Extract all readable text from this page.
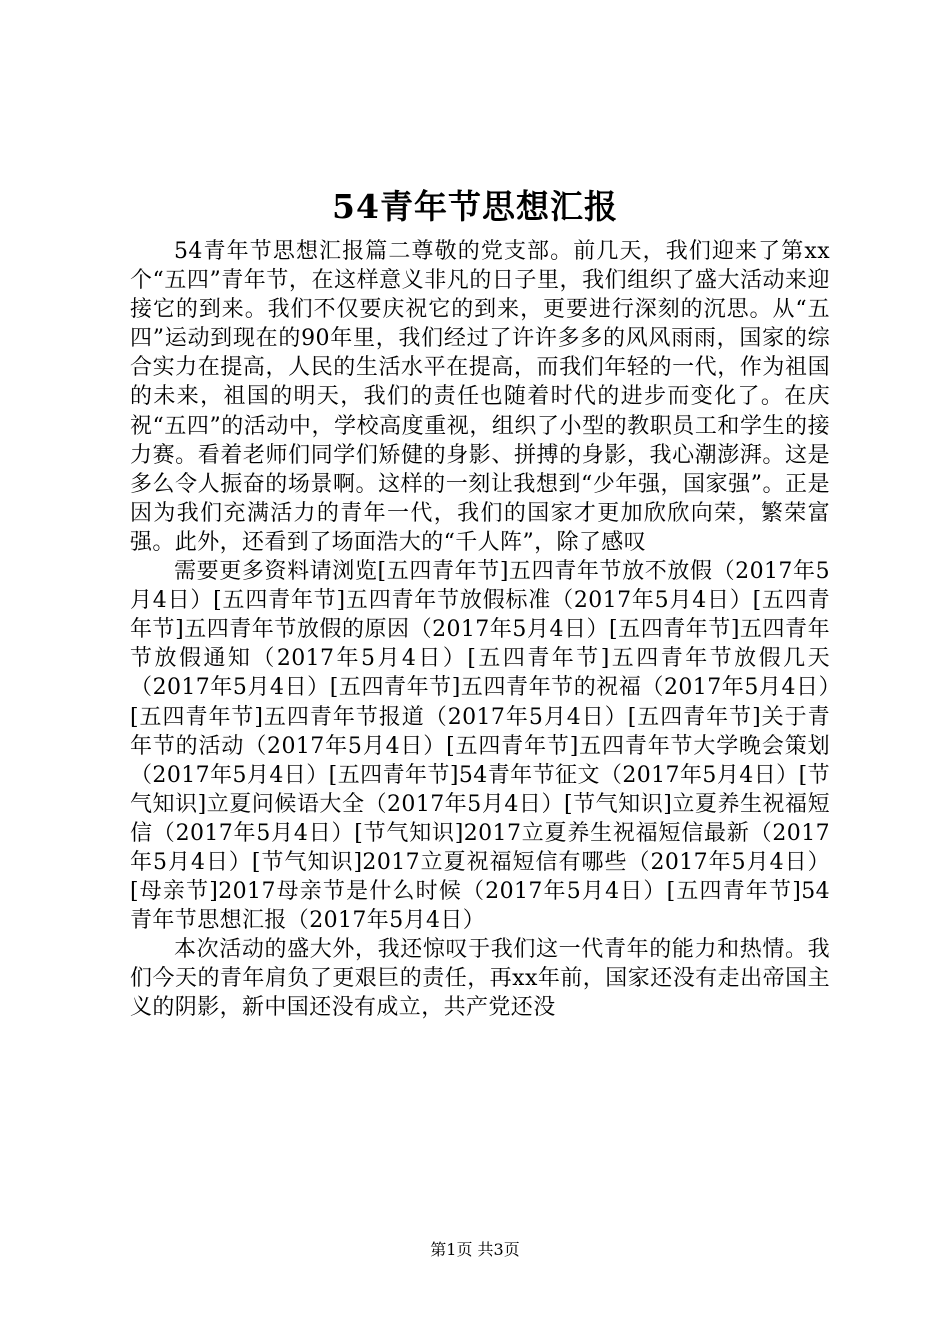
54青年节思想汇报

54青年节思想汇报篇二尊敬的党支部。前几天，我们迎来了第xx个“五四”青年节，在这样意义非凡的日子里，我们组织了盛大活动来迎接它的到来。我们不仅要庆祝它的到来，更要进行深刻的沉思。从“五四”运动到现在的90年里，我们经过了许许多多的风风雨雨，国家的综合实力在提高，人民的生活水平在提高，而我们年轻的一代，作为祖国的未来，祖国的明天，我们的责任也随着时代的进步而变化了。在庆祝“五四”的活动中，学校高度重视，组织了小型的教职员工和学生的接力赛。看着老师们同学们矫健的身影、拼搏的身影，我心潮澎湃。这是多么令人振奋的场景啊。这样的一刻让我想到“少年强，国家强”。正是因为我们充满活力的青年一代，我们的国家才更加欣欣向荣，繁荣富强。此外，还看到了场面浩大的“千人阵”，除了感叹

需要更多资料请浏览[五四青年节]五四青年节放不放假（2017年5月4日）[五四青年节]五四青年节放假标准（2017年5月4日）[五四青年节]五四青年节放假的原因（2017年5月4日）[五四青年节]五四青年节放假通知（2017年5月4日）[五四青年节]五四青年节放假几天（2017年5月4日）[五四青年节]五四青年节的祝福（2017年5月4日）[五四青年节]五四青年节报道（2017年5月4日）[五四青年节]关于青年节的活动（2017年5月4日）[五四青年节]五四青年节大学晚会策划（2017年5月4日）[五四青年节]54青年节征文（2017年5月4日）[节气知识]立夏问候语大全（2017年5月4日）[节气知识]立夏养生祝福短信（2017年5月4日）[节气知识]2017立夏养生祝福短信最新（2017年5月4日）[节气知识]2017立夏祝福短信有哪些（2017年5月4日）[母亲节]2017母亲节是什么时候（2017年5月4日）[五四青年节]54青年节思想汇报（2017年5月4日）

本次活动的盛大外，我还惊叹于我们这一代青年的能力和热情。我们今天的青年肩负了更艰巨的责任，再xx年前，国家还没有走出帝国主义的阴影，新中国还没有成立，共产党还没

第1页 共3页
